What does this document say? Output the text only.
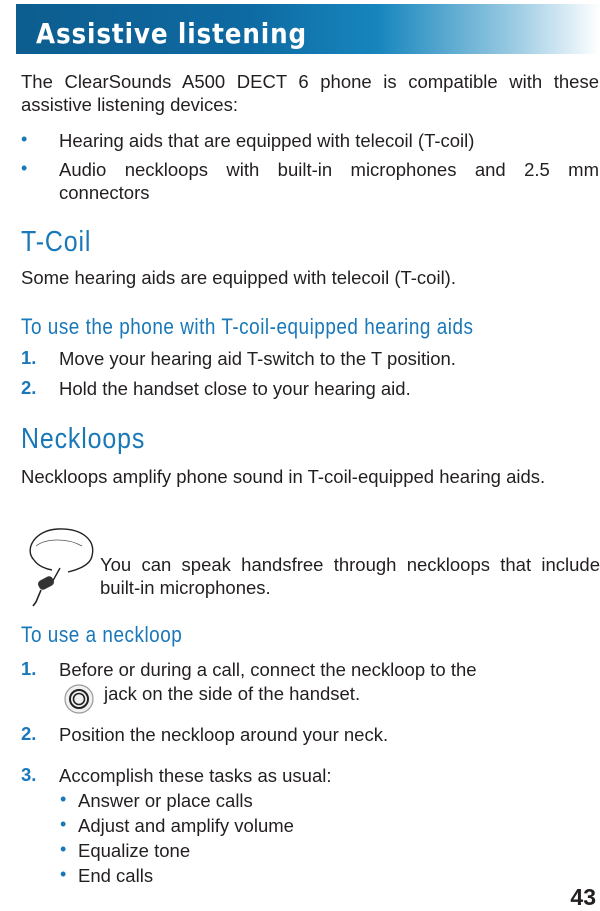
Assistive listening

The ClearSounds A500 DECT 6 phone is compatible with these assistive listening devices:

• Hearing aids that are equipped with telecoil (T-coil)

• Audio neckloops with built-in microphones and 2.5 mm connectors

T-Coil

Some hearing aids are equipped with telecoil (T-coil).

To use the phone with T-coil-equipped hearing aids
1. Move your hearing aid T-switch to the T position.

2. Hold the handset close to your hearing aid.

Neckloops

Neckloops amplify phone sound in T-coil-equipped hearing aids.

You can speak handsfree through neckloops that include built-in microphones.

To use a neckloop
1. Before or during a call, connect the neckloop to the

jack on the side of the handset.

2. Position the neckloop around your neck.

3. Accomplish these tasks as usual:

• Answer or place calls

• Adjust and amplify volume

• Equalize tone

• End calls

43
